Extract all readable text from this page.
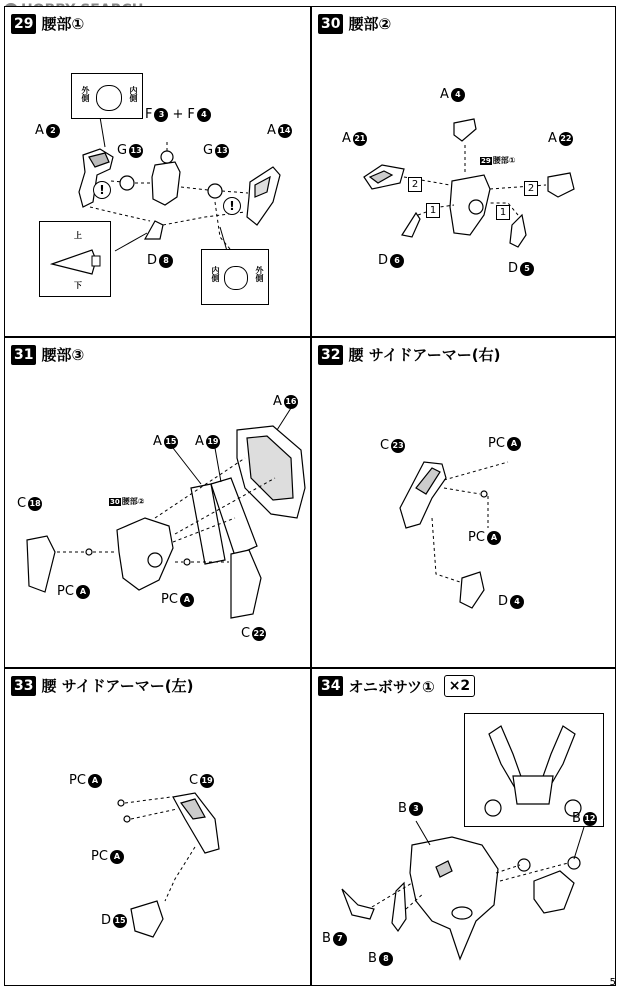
29 腰部①
外側	内側
上
下
内側	外側
!
!
A 2
F 3 + F 4
A 14
G 13	G 13
D 8
30 腰部②
29 腰部①
2	2
1	1
A 4
A 21	A 22
D 6
D 5
31 腰部③
30 腰部②
A 15 A 19
A 16
C 18
PC A
PC A
C 22
32 腰 サイドアーマー(右)
C 23	PC A
PC A
D 4
33 腰 サイドアーマー(左)
PC A	C 19
PC A
D 15
34 オニボサツ①	×2
B 3
B 12
B 7
B 8
5
